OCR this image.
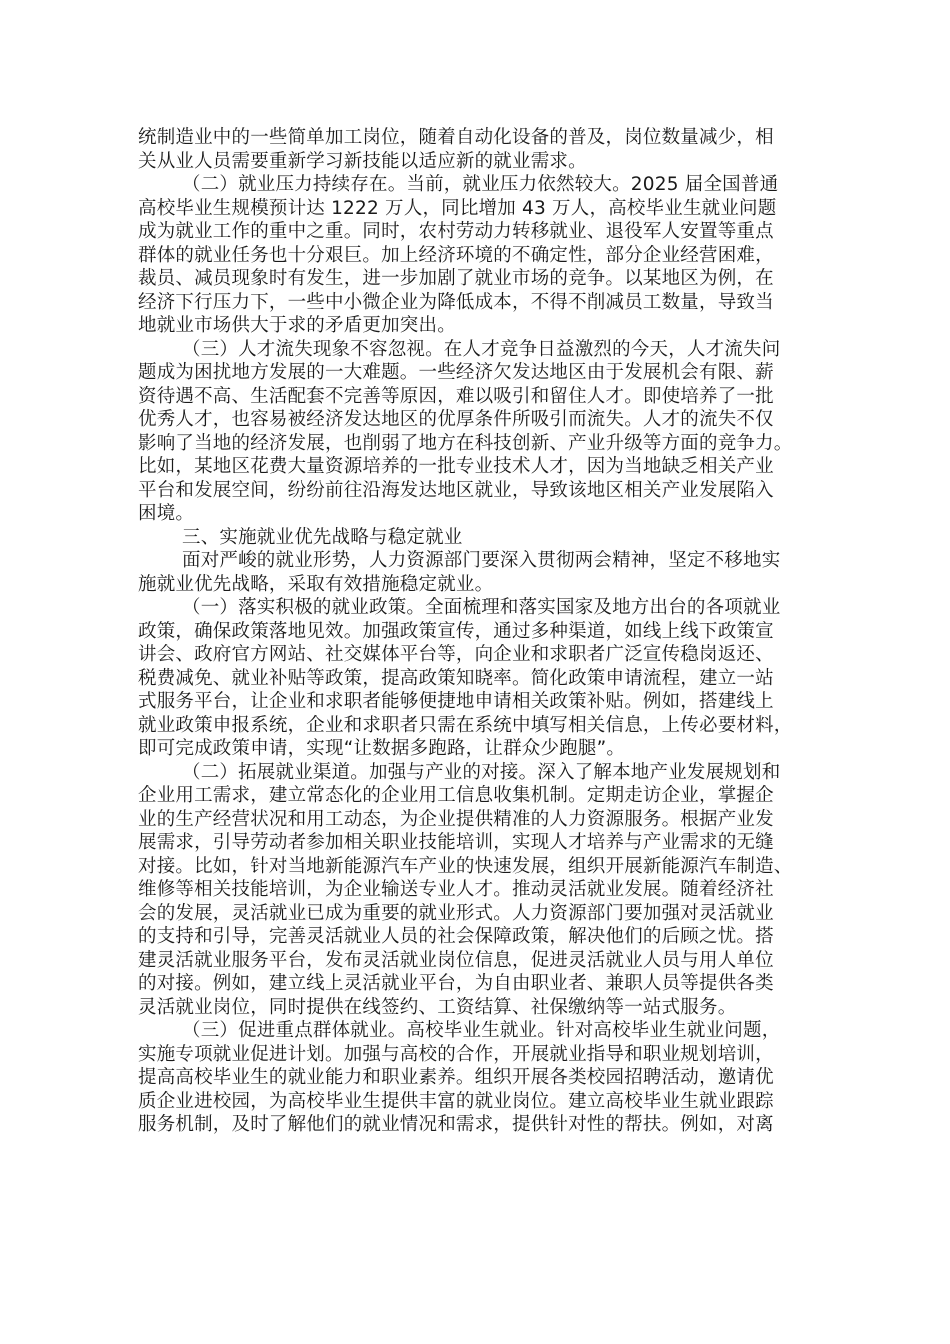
统制造业中的一些简单加工岗位，随着自动化设备的普及，岗位数量减少，相
关从业人员需要重新学习新技能以适应新的就业需求。
（二）就业压力持续存在。当前，就业压力依然较大。2025 届全国普通
高校毕业生规模预计达 1222 万人，同比增加 43 万人，高校毕业生就业问题
成为就业工作的重中之重。同时，农村劳动力转移就业、退役军人安置等重点
群体的就业任务也十分艰巨。加上经济环境的不确定性，部分企业经营困难，
裁员、减员现象时有发生，进一步加剧了就业市场的竞争。以某地区为例，在
经济下行压力下，一些中小微企业为降低成本，不得不削减员工数量，导致当
地就业市场供大于求的矛盾更加突出。
（三）人才流失现象不容忽视。在人才竞争日益激烈的今天，人才流失问
题成为困扰地方发展的一大难题。一些经济欠发达地区由于发展机会有限、薪
资待遇不高、生活配套不完善等原因，难以吸引和留住人才。即使培养了一批
优秀人才，也容易被经济发达地区的优厚条件所吸引而流失。人才的流失不仅
影响了当地的经济发展，也削弱了地方在科技创新、产业升级等方面的竞争力。
比如，某地区花费大量资源培养的一批专业技术人才，因为当地缺乏相关产业
平台和发展空间，纷纷前往沿海发达地区就业，导致该地区相关产业发展陷入
困境。
三、实施就业优先战略与稳定就业
面对严峻的就业形势，人力资源部门要深入贯彻两会精神，坚定不移地实
施就业优先战略，采取有效措施稳定就业。
（一）落实积极的就业政策。全面梳理和落实国家及地方出台的各项就业
政策，确保政策落地见效。加强政策宣传，通过多种渠道，如线上线下政策宣
讲会、政府官方网站、社交媒体平台等，向企业和求职者广泛宣传稳岗返还、
税费减免、就业补贴等政策，提高政策知晓率。简化政策申请流程，建立一站
式服务平台，让企业和求职者能够便捷地申请相关政策补贴。例如，搭建线上
就业政策申报系统，企业和求职者只需在系统中填写相关信息，上传必要材料，
即可完成政策申请，实现“让数据多跑路，让群众少跑腿”。
（二）拓展就业渠道。加强与产业的对接。深入了解本地产业发展规划和
企业用工需求，建立常态化的企业用工信息收集机制。定期走访企业，掌握企
业的生产经营状况和用工动态，为企业提供精准的人力资源服务。根据产业发
展需求，引导劳动者参加相关职业技能培训，实现人才培养与产业需求的无缝
对接。比如，针对当地新能源汽车产业的快速发展，组织开展新能源汽车制造、
维修等相关技能培训，为企业输送专业人才。推动灵活就业发展。随着经济社
会的发展，灵活就业已成为重要的就业形式。人力资源部门要加强对灵活就业
的支持和引导，完善灵活就业人员的社会保障政策，解决他们的后顾之忧。搭
建灵活就业服务平台，发布灵活就业岗位信息，促进灵活就业人员与用人单位
的对接。例如，建立线上灵活就业平台，为自由职业者、兼职人员等提供各类
灵活就业岗位，同时提供在线签约、工资结算、社保缴纳等一站式服务。
（三）促进重点群体就业。高校毕业生就业。针对高校毕业生就业问题，
实施专项就业促进计划。加强与高校的合作，开展就业指导和职业规划培训，
提高高校毕业生的就业能力和职业素养。组织开展各类校园招聘活动，邀请优
质企业进校园，为高校毕业生提供丰富的就业岗位。建立高校毕业生就业跟踪
服务机制，及时了解他们的就业情况和需求，提供针对性的帮扶。例如，对离
